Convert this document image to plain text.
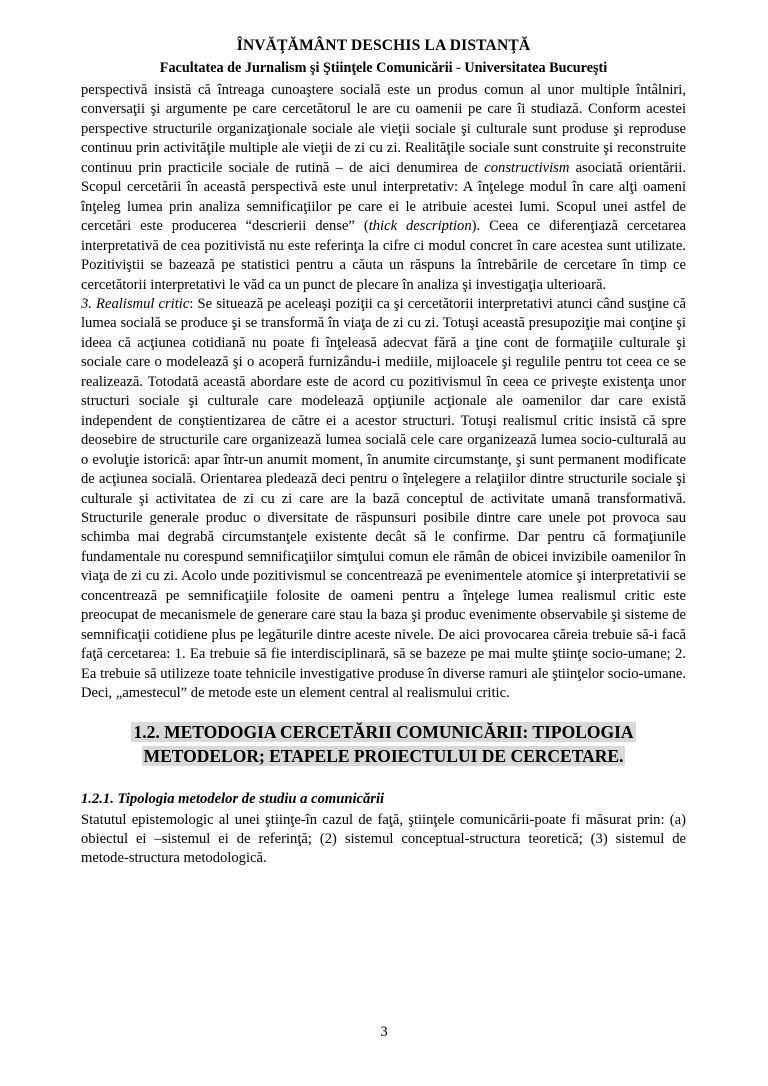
ÎNVĂŢĂMÂNT DESCHIS LA DISTANŢĂ
Facultatea de Jurnalism şi Ştiinţele Comunicării - Universitatea Bucureşti

perspectivă insistă că întreaga cunoaştere socială este un produs comun al unor multiple întâlniri, conversaţii şi argumente pe care cercetătorul le are cu oamenii pe care îi studiază. Conform acestei perspective structurile organizaţionale sociale ale vieţii sociale şi culturale sunt produse şi reproduse continuu prin activităţile multiple ale vieţii de zi cu zi. Realităţile sociale sunt construite şi reconstruite continuu prin practicile sociale de rutină – de aici denumirea de constructivism asociată orientării. Scopul cercetării în această perspectivă este unul interpretativ: A înţelege modul în care alţi oameni înţeleg lumea prin analiza semnificaţiilor pe care ei le atribuie acestei lumi. Scopul unei astfel de cercetări este producerea “descrierii dense” (thick description). Ceea ce diferenţiază cercetarea interpretativă de cea pozitivistă nu este referinţa la cifre ci modul concret în care acestea sunt utilizate. Pozitiviştii se bazează pe statistici pentru a căuta un răspuns la întrebările de cercetare în timp ce cercetătorii interpretativi le văd ca un punct de plecare în analiza şi investigaţia ulterioară.

3. Realismul critic: Se situează pe aceleaşi poziţii ca şi cercetătorii interpretativi atunci când susţine că lumea socială se produce şi se transformă în viaţa de zi cu zi. Totuşi această presupoziţie mai conţine şi ideea că acţiunea cotidiană nu poate fi înţeleasă adecvat fără a ţine cont de formaţiile culturale şi sociale care o modelează şi o acoperă furnizându-i mediile, mijloacele şi regulile pentru tot ceea ce se realizează. Totodată această abordare este de acord cu pozitivismul în ceea ce priveşte existenţa unor structuri sociale şi culturale care modelează opţiunile acţionale ale oamenilor dar care există independent de conştientizarea de către ei a acestor structuri. Totuşi realismul critic insistă că spre deosebire de structurile care organizează lumea socială cele care organizează lumea socio-culturală au o evoluţie istorică: apar într-un anumit moment, în anumite circumstanţe, şi sunt permanent modificate de acţiunea socială. Orientarea pledează deci pentru o înţelegere a relaţiilor dintre structurile sociale şi culturale şi activitatea de zi cu zi care are la bază conceptul de activitate umană transformativă. Structurile generale produc o diversitate de răspunsuri posibile dintre care unele pot provoca sau schimba mai degrabă circumstanţele existente decât să le confirme. Dar pentru că formaţiunile fundamentale nu corespund semnificaţiilor simţului comun ele rămân de obicei invizibile oamenilor în viaţa de zi cu zi. Acolo unde pozitivismul se concentrează pe evenimentele atomice şi interpretativii se concentrează pe semnificaţiile folosite de oameni pentru a înţelege lumea realismul critic este preocupat de mecanismele de generare care stau la baza şi produc evenimente observabile şi sisteme de semnificaţii cotidiene plus pe legăturile dintre aceste nivele. De aici provocarea căreia trebuie să-i facă faţă cercetarea: 1. Ea trebuie să fie interdisciplinară, să se bazeze pe mai multe ştiinţe socio-umane; 2. Ea trebuie să utilizeze toate tehnicile investigative produse în diverse ramuri ale ştiinţelor socio-umane. Deci, „amestecul” de metode este un element central al realismului critic.

1.2. METODOGIA CERCETĂRII COMUNICĂRII: TIPOLOGIA
METODELOR; ETAPELE PROIECTULUI DE CERCETARE.
1.2.1. Tipologia metodelor de studiu a comunicării

Statutul epistemologic al unei ştiinţe-în cazul de faţă, ştiinţele comunicării-poate fi măsurat prin: (a) obiectul ei –sistemul ei de referinţă; (2) sistemul conceptual-structura teoretică; (3) sistemul de metode-structura metodologică.

3
